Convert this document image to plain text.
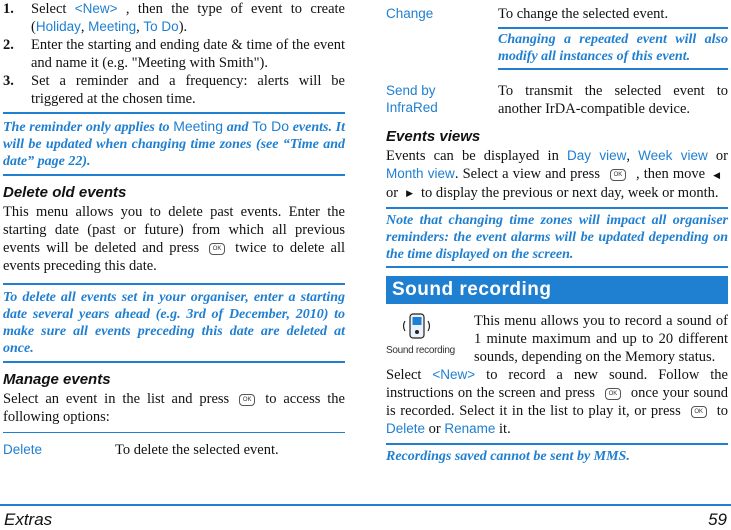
1. Select <New> , then the type of event to create (Holiday, Meeting, To Do).
2. Enter the starting and ending date & time of the event and name it (e.g. "Meeting with Smith").
3. Set a reminder and a frequency: alerts will be triggered at the chosen time.
The reminder only applies to Meeting and To Do events. It will be updated when changing time zones (see “Time and date” page 22).
Delete old events
This menu allows you to delete past events. Enter the starting date (past or future) from which all previous events will be deleted and press OK twice to delete all events preceding this date.
To delete all events set in your organiser, enter a starting date several years ahead (e.g. 3rd of December, 2010) to make sure all events preceding this date are deleted at once.
Manage events
Select an event in the list and press OK to access the following options:
Delete	To delete the selected event.
Change	To change the selected event.
Changing a repeated event will also modify all instances of this event.
Send by InfraRed	To transmit the selected event to another IrDA-compatible device.
Events views
Events can be displayed in Day view, Week view or Month view. Select a view and press OK , then move ◀or ▶ to display the previous or next day, week or month.
Note that changing time zones will impact all organiser reminders: the event alarms will be updated depending on the time displayed on the screen.
Sound recording
Sound recording
This menu allows you to record a sound of 1 minute maximum and up to 20 different sounds, depending on the Memory status.
Select <New> to record a new sound. Follow the instructions on the screen and press OK once your sound is recorded. Select it in the list to play it, or press OK to Delete or Rename it.
Recordings saved cannot be sent by MMS.
Extras	59
